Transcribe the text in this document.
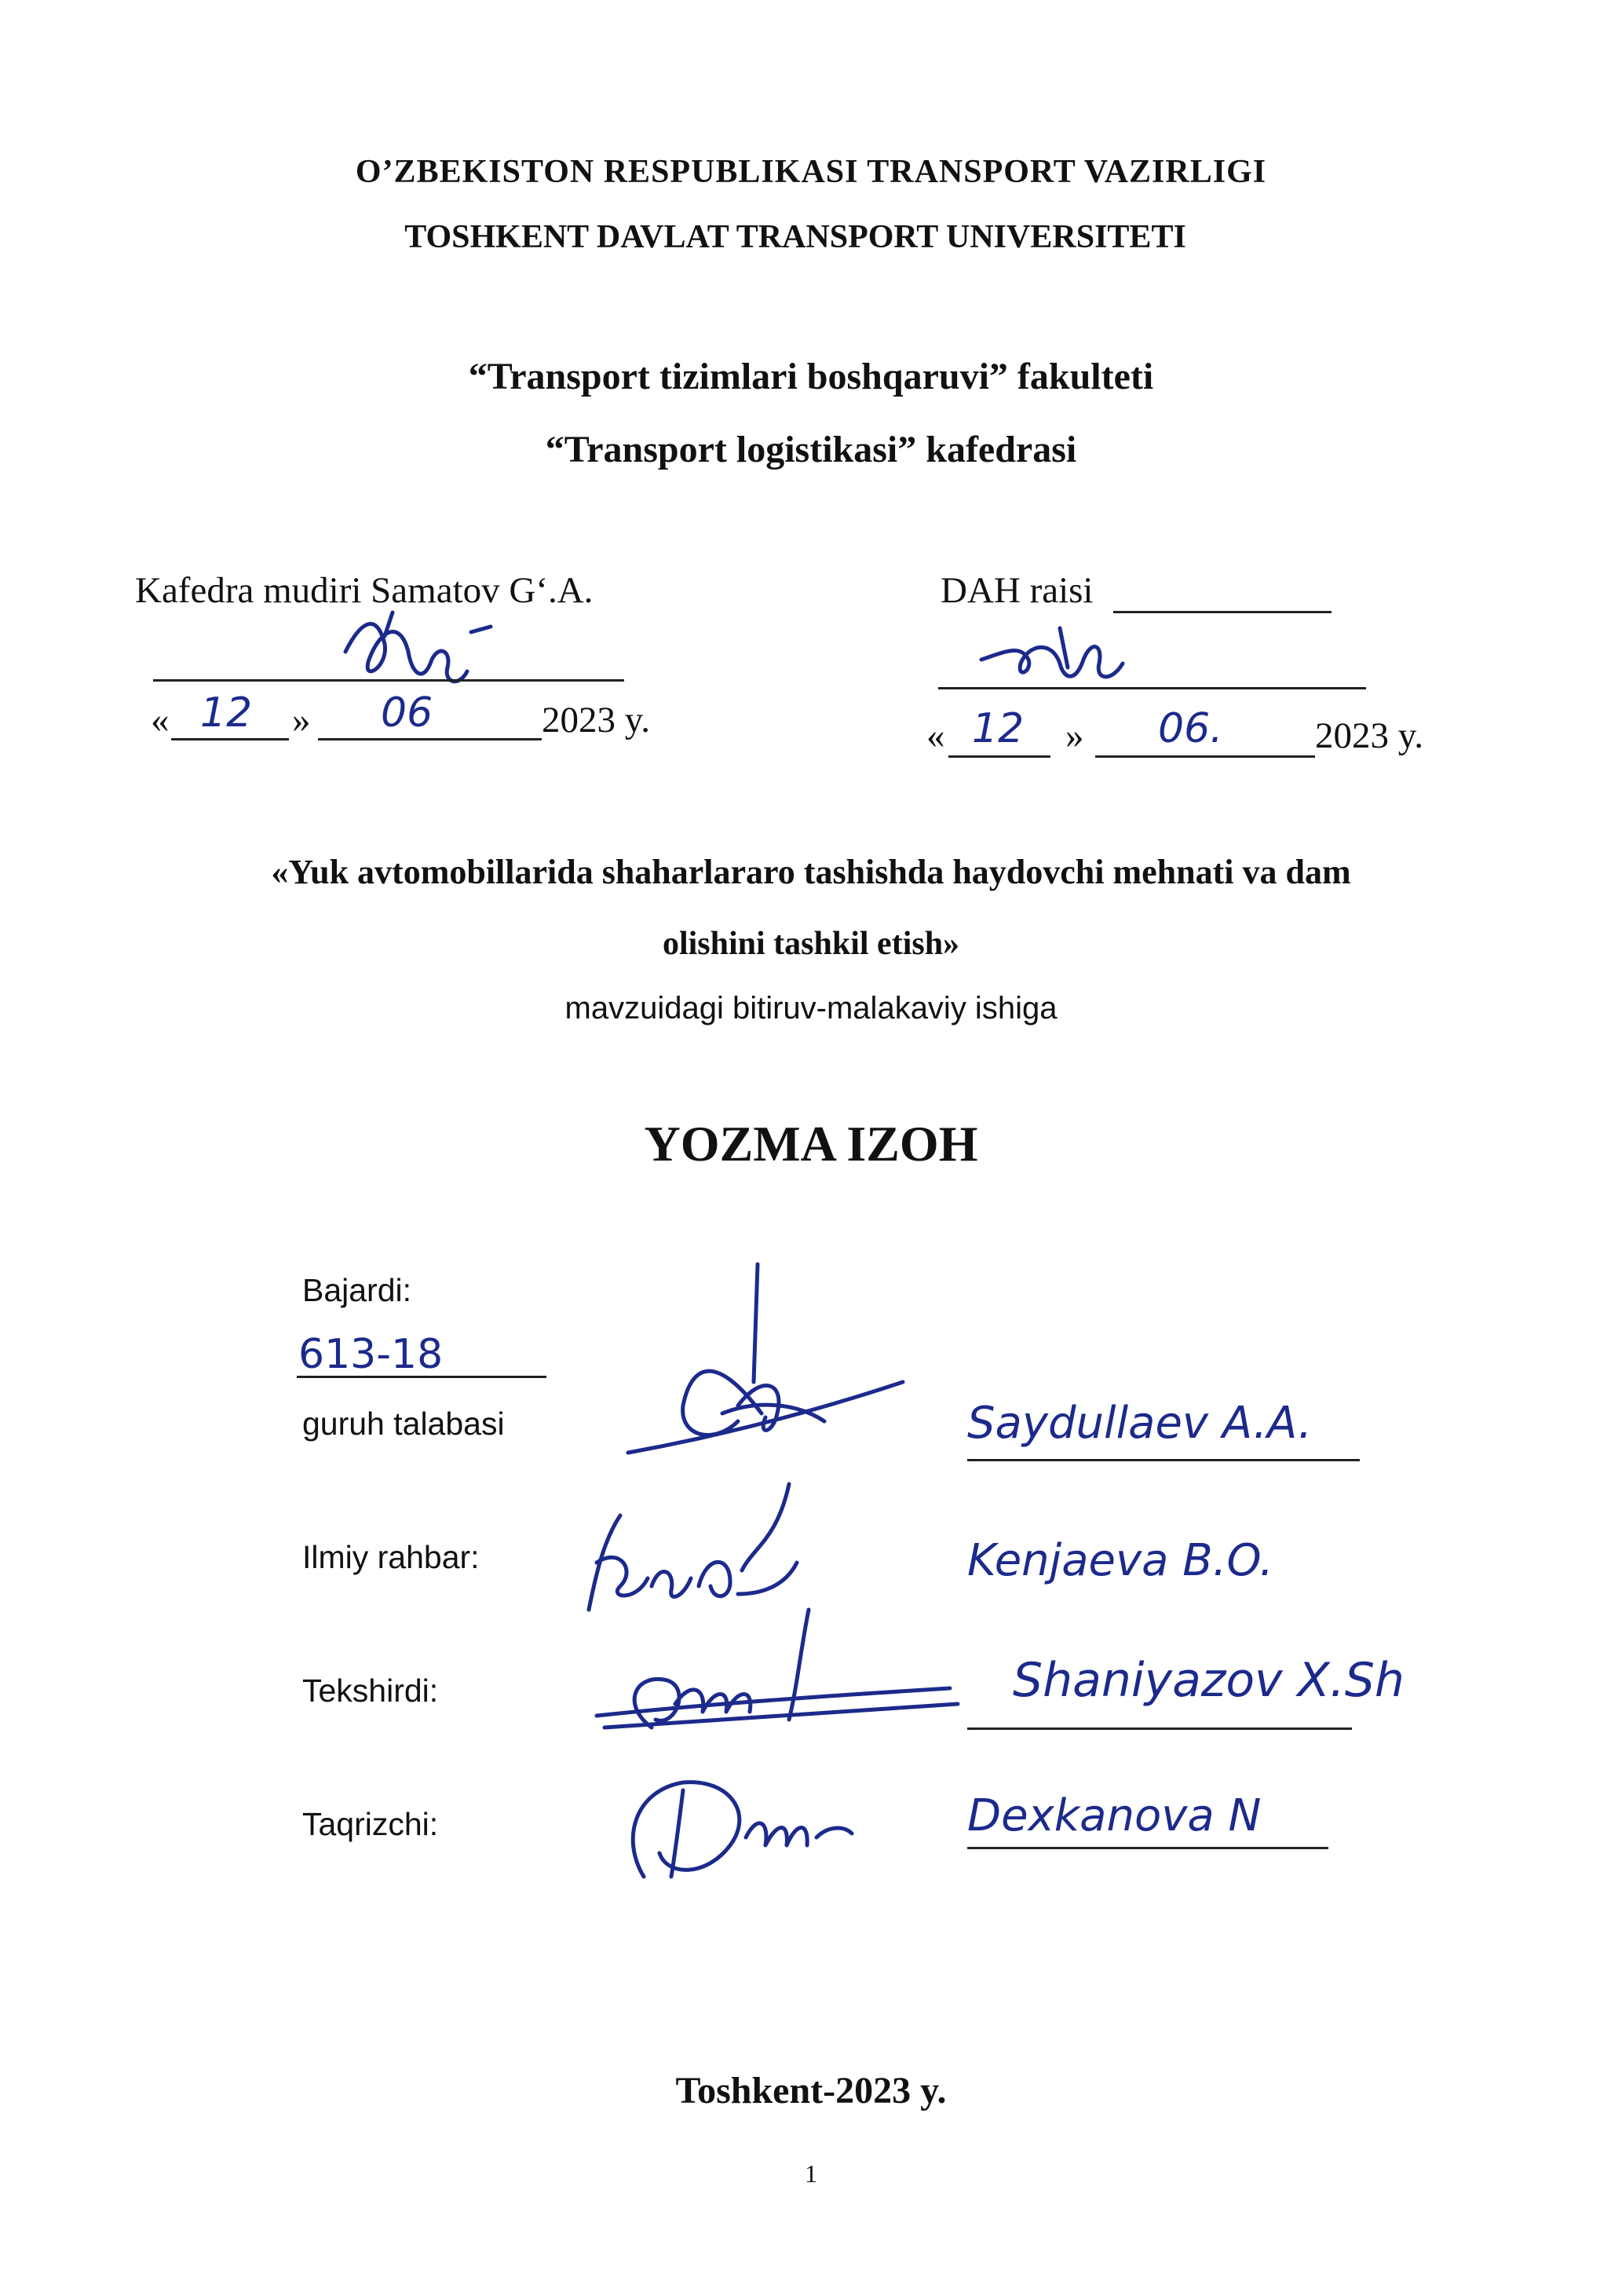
O’ZBEKISTON RESPUBLIKASI TRANSPORT VAZIRLIGI
TOSHKENT DAVLAT TRANSPORT UNIVERSITETI
“Transport tizimlari boshqaruvi” fakulteti
“Transport logistikasi” kafedrasi
Kafedra mudiri Samatov G‘.A.
« 12 » 06	2023 y.
DAH raisi
« 12 » 06. 2023 y.
«Yuk avtomobillarida shaharlararo tashishda haydovchi mehnati va dam
olishini tashkil etish»
mavzuidagi bitiruv-malakaviy ishiga
YOZMA IZOH
Bajardi:
613-18
guruh talabasi	Saydullaev A.A.
Ilmiy rahbar:	Kenjaeva B.O.
Tekshirdi:	Shaniyazov X.Sh
Taqrizchi:	Dexkanova N
Toshkent-2023 y.
1
